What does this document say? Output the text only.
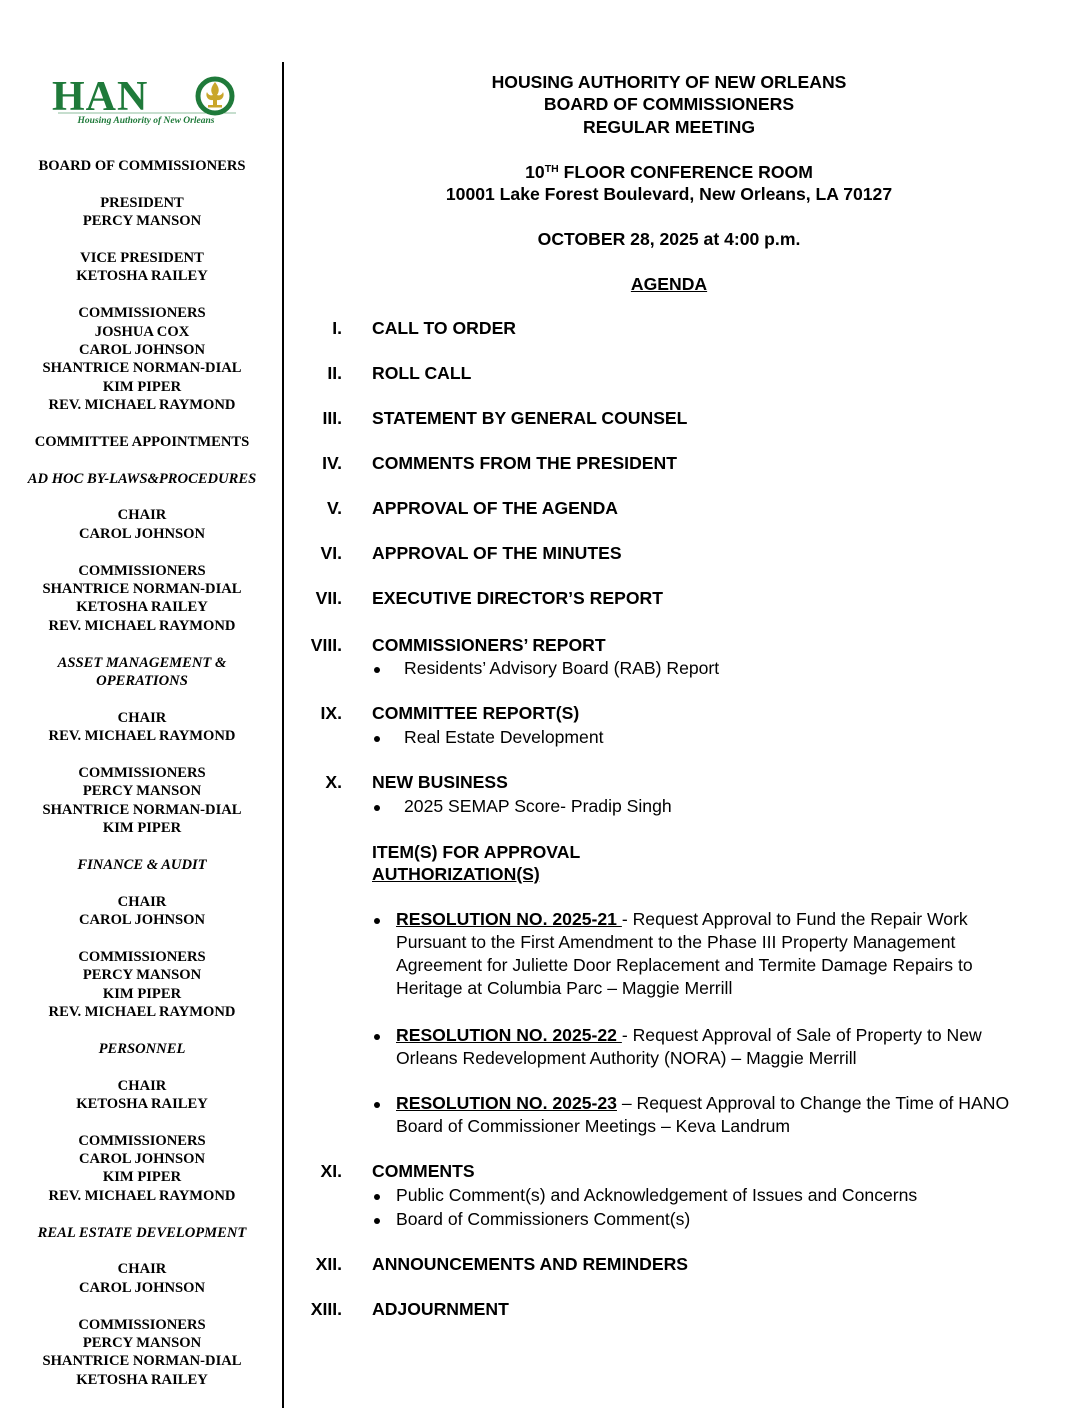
HAN
Housing Authority of New Orleans
BOARD OF COMMISSIONERS
PRESIDENT
PERCY MANSON
VICE PRESIDENT
KETOSHA RAILEY
COMMISSIONERS
JOSHUA COX
CAROL JOHNSON
SHANTRICE NORMAN-DIAL
KIM PIPER
REV. MICHAEL RAYMOND
COMMITTEE APPOINTMENTS
AD HOC BY-LAWS&PROCEDURES
CHAIR
CAROL JOHNSON
COMMISSIONERS
SHANTRICE NORMAN-DIAL
KETOSHA RAILEY
REV. MICHAEL RAYMOND
ASSET MANAGEMENT &
OPERATIONS
CHAIR
REV. MICHAEL RAYMOND
COMMISSIONERS
PERCY MANSON
SHANTRICE NORMAN-DIAL
KIM PIPER
FINANCE & AUDIT
CHAIR
CAROL JOHNSON
COMMISSIONERS
PERCY MANSON
KIM PIPER
REV. MICHAEL RAYMOND
PERSONNEL
CHAIR
KETOSHA RAILEY
COMMISSIONERS
CAROL JOHNSON
KIM PIPER
REV. MICHAEL RAYMOND
REAL ESTATE DEVELOPMENT
CHAIR
CAROL JOHNSON
COMMISSIONERS
PERCY MANSON
SHANTRICE NORMAN-DIAL
KETOSHA RAILEY
HOUSING AUTHORITY OF NEW ORLEANS
BOARD OF COMMISSIONERS
REGULAR MEETING
10TH FLOOR CONFERENCE ROOM
10001 Lake Forest Boulevard, New Orleans, LA 70127
OCTOBER 28, 2025 at 4:00 p.m.
AGENDA
I. CALL TO ORDER
II. ROLL CALL
III. STATEMENT BY GENERAL COUNSEL
IV. COMMENTS FROM THE PRESIDENT
V. APPROVAL OF THE AGENDA
VI. APPROVAL OF THE MINUTES
VII. EXECUTIVE DIRECTOR’S REPORT
VIII. COMMISSIONERS’ REPORT
Residents’ Advisory Board (RAB) Report
IX. COMMITTEE REPORT(S)
Real Estate Development
X. NEW BUSINESS
2025 SEMAP Score- Pradip Singh
ITEM(S) FOR APPROVAL
AUTHORIZATION(S)
RESOLUTION NO. 2025-21 - Request Approval to Fund the Repair Work Pursuant to the First Amendment to the Phase III Property Management Agreement for Juliette Door Replacement and Termite Damage Repairs to Heritage at Columbia Parc – Maggie Merrill
RESOLUTION NO. 2025-22 - Request Approval of Sale of Property to New Orleans Redevelopment Authority (NORA) – Maggie Merrill
RESOLUTION NO. 2025-23 – Request Approval to Change the Time of HANO Board of Commissioner Meetings – Keva Landrum
XI. COMMENTS
Public Comment(s) and Acknowledgement of Issues and Concerns
Board of Commissioners Comment(s)
XII. ANNOUNCEMENTS AND REMINDERS
XIII. ADJOURNMENT
